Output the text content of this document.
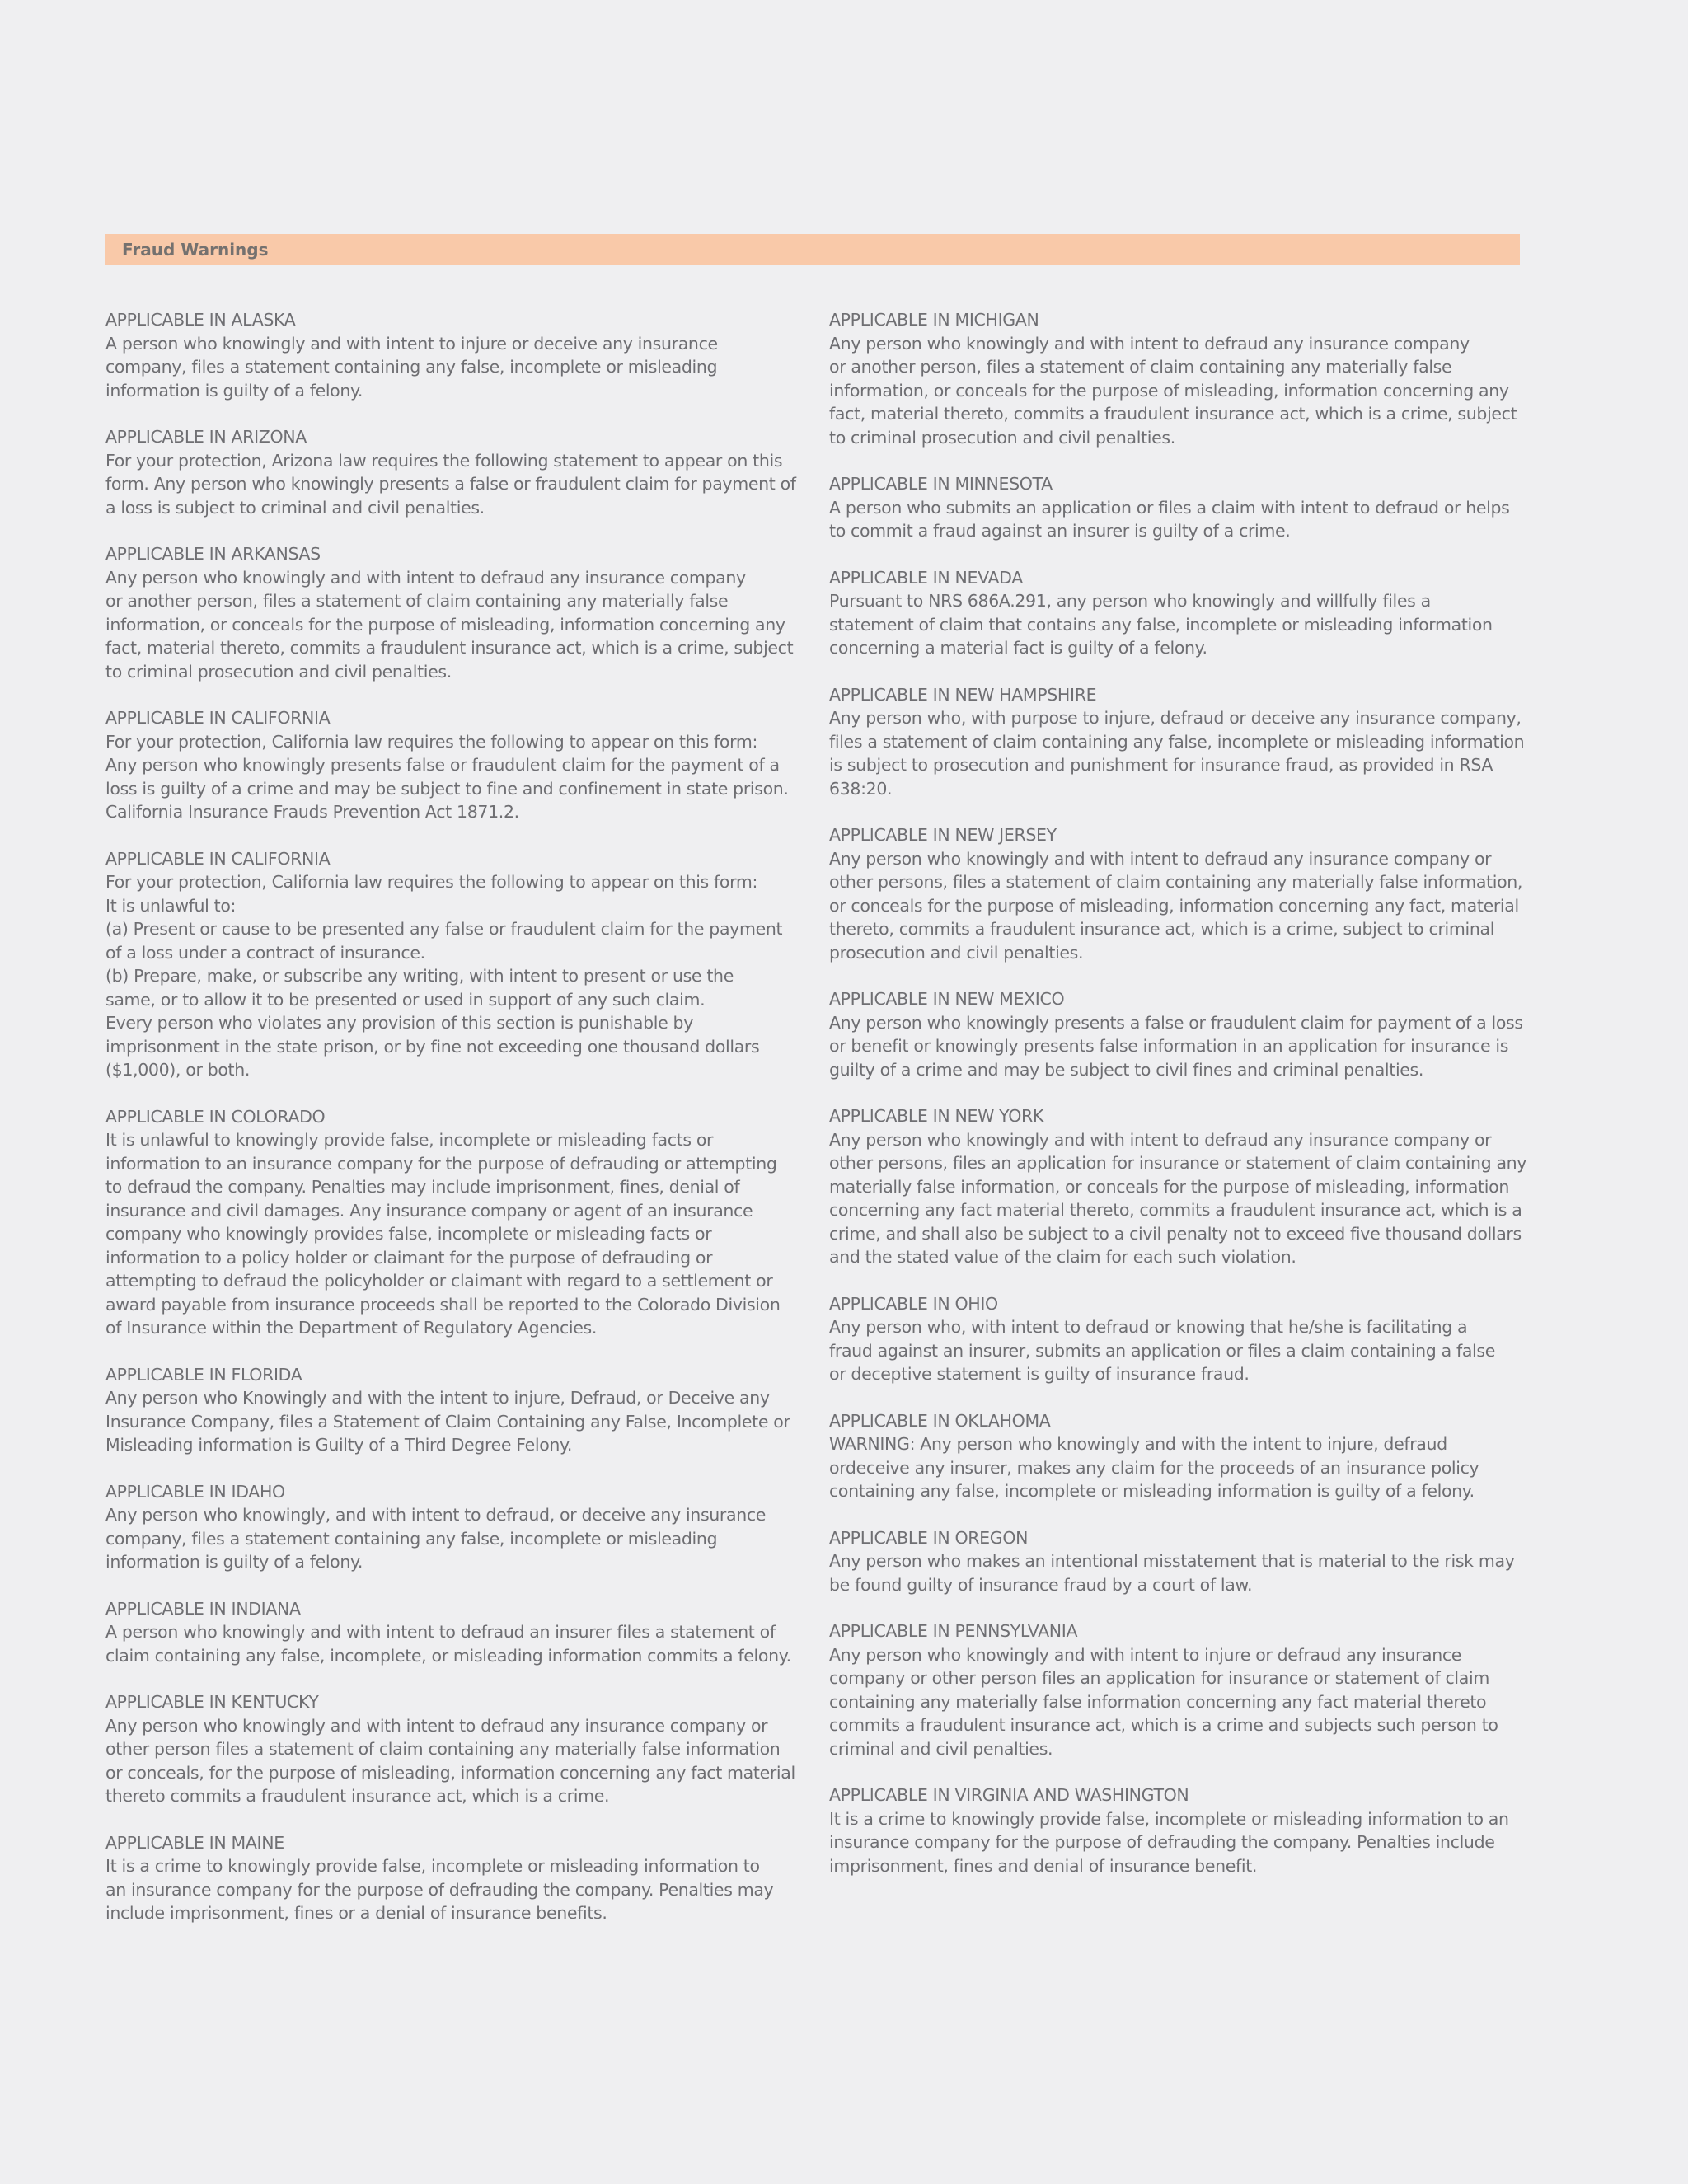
Fraud Warnings
APPLICABLE IN ALASKA
A person who knowingly and with intent to injure or deceive any insurance
company, files a statement containing any false, incomplete or misleading
information is guilty of a felony.
APPLICABLE IN ARIZONA
For your protection, Arizona law requires the following statement to appear on this
form. Any person who knowingly presents a false or fraudulent claim for payment of
a loss is subject to criminal and civil penalties.
APPLICABLE IN ARKANSAS
Any person who knowingly and with intent to defraud any insurance company
or another person, files a statement of claim containing any materially false
information, or conceals for the purpose of misleading, information concerning any
fact, material thereto, commits a fraudulent insurance act, which is a crime, subject
to criminal prosecution and civil penalties.
APPLICABLE IN CALIFORNIA
For your protection, California law requires the following to appear on this form:
Any person who knowingly presents false or fraudulent claim for the payment of a
loss is guilty of a crime and may be subject to fine and confinement in state prison.
California Insurance Frauds Prevention Act 1871.2.
APPLICABLE IN CALIFORNIA
For your protection, California law requires the following to appear on this form:
It is unlawful to:
(a) Present or cause to be presented any false or fraudulent claim for the payment
of a loss under a contract of insurance.
(b) Prepare, make, or subscribe any writing, with intent to present or use the
same, or to allow it to be presented or used in support of any such claim.
Every person who violates any provision of this section is punishable by
imprisonment in the state prison, or by fine not exceeding one thousand dollars
($1,000), or both.
APPLICABLE IN COLORADO
It is unlawful to knowingly provide false, incomplete or misleading facts or
information to an insurance company for the purpose of defrauding or attempting
to defraud the company. Penalties may include imprisonment, fines, denial of
insurance and civil damages. Any insurance company or agent of an insurance
company who knowingly provides false, incomplete or misleading facts or
information to a policy holder or claimant for the purpose of defrauding or
attempting to defraud the policyholder or claimant with regard to a settlement or
award payable from insurance proceeds shall be reported to the Colorado Division
of Insurance within the Department of Regulatory Agencies.
APPLICABLE IN FLORIDA
Any person who Knowingly and with the intent to injure, Defraud, or Deceive any
Insurance Company, files a Statement of Claim Containing any False, Incomplete or
Misleading information is Guilty of a Third Degree Felony.
APPLICABLE IN IDAHO
Any person who knowingly, and with intent to defraud, or deceive any insurance
company, files a statement containing any false, incomplete or misleading
information is guilty of a felony.
APPLICABLE IN INDIANA
A person who knowingly and with intent to defraud an insurer files a statement of
claim containing any false, incomplete, or misleading information commits a felony.
APPLICABLE IN KENTUCKY
Any person who knowingly and with intent to defraud any insurance company or
other person files a statement of claim containing any materially false information
or conceals, for the purpose of misleading, information concerning any fact material
thereto commits a fraudulent insurance act, which is a crime.
APPLICABLE IN MAINE
It is a crime to knowingly provide false, incomplete or misleading information to
an insurance company for the purpose of defrauding the company. Penalties may
include imprisonment, fines or a denial of insurance benefits.
APPLICABLE IN MICHIGAN
Any person who knowingly and with intent to defraud any insurance company
or another person, files a statement of claim containing any materially false
information, or conceals for the purpose of misleading, information concerning any
fact, material thereto, commits a fraudulent insurance act, which is a crime, subject
to criminal prosecution and civil penalties.
APPLICABLE IN MINNESOTA
A person who submits an application or files a claim with intent to defraud or helps
to commit a fraud against an insurer is guilty of a crime.
APPLICABLE IN NEVADA
Pursuant to NRS 686A.291, any person who knowingly and willfully files a
statement of claim that contains any false, incomplete or misleading information
concerning a material fact is guilty of a felony.
APPLICABLE IN NEW HAMPSHIRE
Any person who, with purpose to injure, defraud or deceive any insurance company,
files a statement of claim containing any false, incomplete or misleading information
is subject to prosecution and punishment for insurance fraud, as provided in RSA
638:20.
APPLICABLE IN NEW JERSEY
Any person who knowingly and with intent to defraud any insurance company or
other persons, files a statement of claim containing any materially false information,
or conceals for the purpose of misleading, information concerning any fact, material
thereto, commits a fraudulent insurance act, which is a crime, subject to criminal
prosecution and civil penalties.
APPLICABLE IN NEW MEXICO
Any person who knowingly presents a false or fraudulent claim for payment of a loss
or benefit or knowingly presents false information in an application for insurance is
guilty of a crime and may be subject to civil fines and criminal penalties.
APPLICABLE IN NEW YORK
Any person who knowingly and with intent to defraud any insurance company or
other persons, files an application for insurance or statement of claim containing any
materially false information, or conceals for the purpose of misleading, information
concerning any fact material thereto, commits a fraudulent insurance act, which is a
crime, and shall also be subject to a civil penalty not to exceed five thousand dollars
and the stated value of the claim for each such violation.
APPLICABLE IN OHIO
Any person who, with intent to defraud or knowing that he/she is facilitating a
fraud against an insurer, submits an application or files a claim containing a false
or deceptive statement is guilty of insurance fraud.
APPLICABLE IN OKLAHOMA
WARNING: Any person who knowingly and with the intent to injure, defraud
ordeceive any insurer, makes any claim for the proceeds of an insurance policy
containing any false, incomplete or misleading information is guilty of a felony.
APPLICABLE IN OREGON
Any person who makes an intentional misstatement that is material to the risk may
be found guilty of insurance fraud by a court of law.
APPLICABLE IN PENNSYLVANIA
Any person who knowingly and with intent to injure or defraud any insurance
company or other person files an application for insurance or statement of claim
containing any materially false information concerning any fact material thereto
commits a fraudulent insurance act, which is a crime and subjects such person to
criminal and civil penalties.
APPLICABLE IN VIRGINIA AND WASHINGTON
It is a crime to knowingly provide false, incomplete or misleading information to an
insurance company for the purpose of defrauding the company. Penalties include
imprisonment, fines and denial of insurance benefit.
